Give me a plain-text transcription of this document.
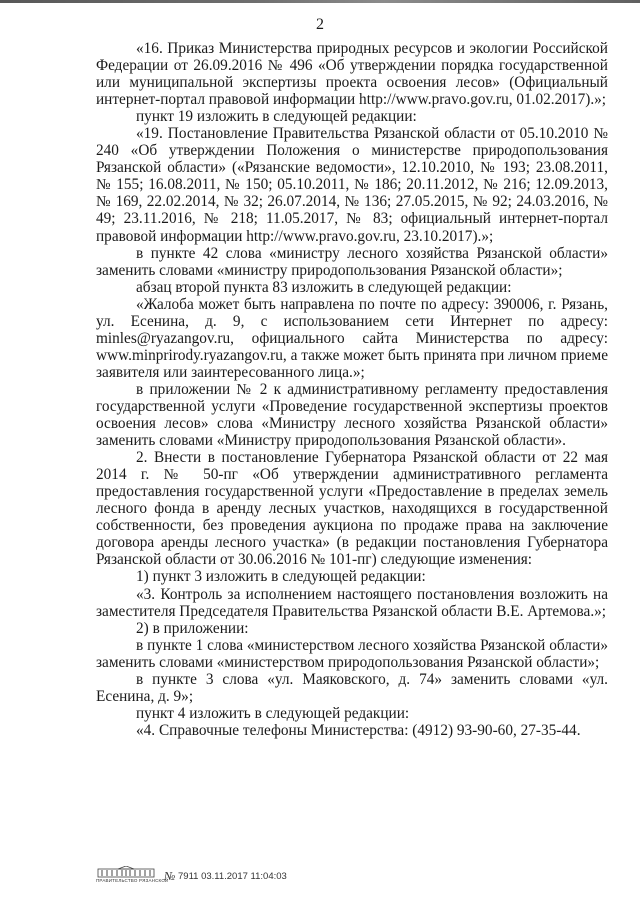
2

«16. Приказ Министерства природных ресурсов и экологии Российской Федерации от 26.09.2016 № 496 «Об утверждении порядка государственной или муниципальной экспертизы проекта освоения лесов» (Официальный интернет-портал правовой информации http://www.pravo.gov.ru, 01.02.2017).»;

пункт 19 изложить в следующей редакции:

«19. Постановление Правительства Рязанской области от 05.10.2010 № 240 «Об утверждении Положения о министерстве природопользования Рязанской области» («Рязанские ведомости», 12.10.2010, № 193; 23.08.2011, № 155; 16.08.2011, № 150; 05.10.2011, № 186; 20.11.2012, № 216; 12.09.2013, № 169, 22.02.2014, № 32; 26.07.2014, № 136; 27.05.2015, № 92; 24.03.2016, № 49; 23.11.2016, № 218; 11.05.2017, № 83; официальный интернет-портал правовой информации http://www.pravo.gov.ru, 23.10.2017).»;

в пункте 42 слова «министру лесного хозяйства Рязанской области» заменить словами «министру природопользования Рязанской области»;

абзац второй пункта 83 изложить в следующей редакции:

«Жалоба может быть направлена по почте по адресу: 390006, г. Рязань, ул. Есенина, д. 9, с использованием сети Интернет по адресу: minles@ryazangov.ru, официального сайта Министерства по адресу: www.minprirody.ryazangov.ru, а также может быть принята при личном приеме заявителя или заинтересованного лица.»;

в приложении № 2 к административному регламенту предоставления государственной услуги «Проведение государственной экспертизы проектов освоения лесов» слова «Министру лесного хозяйства Рязанской области» заменить словами «Министру природопользования Рязанской области».

2. Внести в постановление Губернатора Рязанской области от 22 мая 2014 г. № 50-пг «Об утверждении административного регламента предоставления государственной услуги «Предоставление в пределах земель лесного фонда в аренду лесных участков, находящихся в государственной собственности, без проведения аукциона по продаже права на заключение договора аренды лесного участка» (в редакции постановления Губернатора Рязанской области от 30.06.2016 № 101-пг) следующие изменения:

1) пункт 3 изложить в следующей редакции:

«3. Контроль за исполнением настоящего постановления возложить на заместителя Председателя Правительства Рязанской области В.Е. Артемова.»;

2) в приложении:

в пункте 1 слова «министерством лесного хозяйства Рязанской области» заменить словами «министерством природопользования Рязанской области»;

в пункте 3 слова «ул. Маяковского, д. 74» заменить словами «ул. Есенина, д. 9»;

пункт 4 изложить в следующей редакции:

«4. Справочные телефоны Министерства: (4912) 93-90-60, 27-35-44.

ПРАВИТЕЛЬСТВО РЯЗАНСКОЙ
№ 7911 03.11.2017 11:04:03
